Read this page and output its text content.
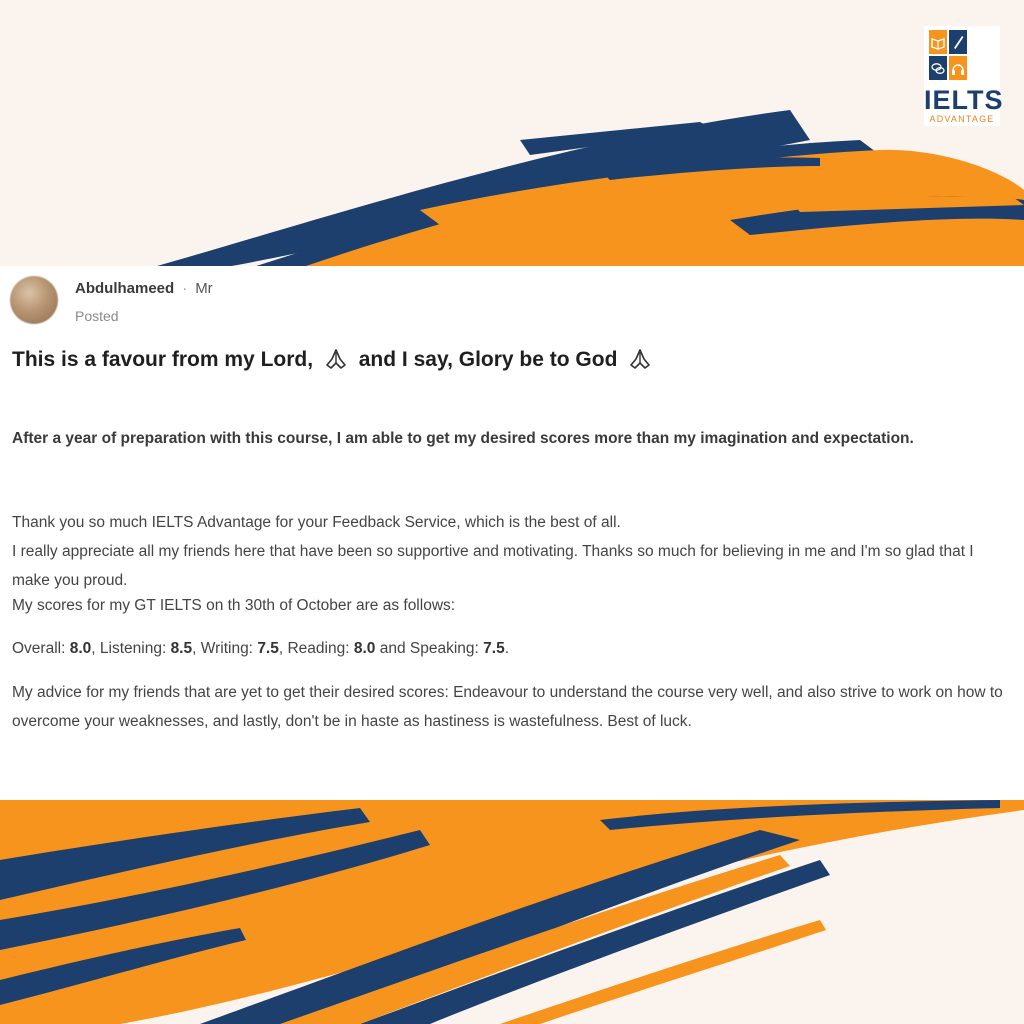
IELTS
ADVANTAGE
Abdulhameed · Mr
Posted
This is a favour from my Lord, and I say, Glory be to God

After a year of preparation with this course, I am able to get my desired scores more than my imagination and expectation.

Thank you so much IELTS Advantage for your Feedback Service, which is the best of all.
I really appreciate all my friends here that have been so supportive and motivating. Thanks so much for believing in me and I'm so glad that I make you proud.

My scores for my GT IELTS on th 30th of October are as follows:

Overall: 8.0, Listening: 8.5, Writing: 7.5, Reading: 8.0 and Speaking: 7.5.

My advice for my friends that are yet to get their desired scores: Endeavour to understand the course very well, and also strive to work on how to overcome your weaknesses, and lastly, don't be in haste as hastiness is wastefulness. Best of luck.
